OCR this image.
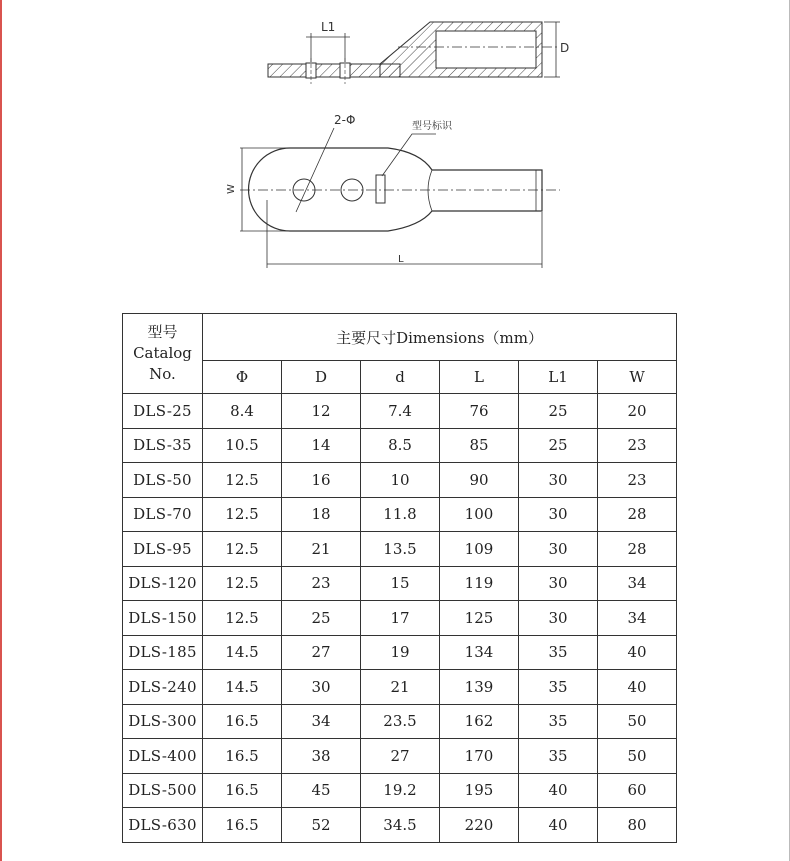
D
L1
2-Φ	型号标识
W
L
型号
Catalog
No.	主要尺寸Dimensions（mm）					
	Φ	D	d	L	L1	W
DLS-25	8.4	12	7.4	76	25	20
DLS-35	10.5	14	8.5	85	25	23
DLS-50	12.5	16	10	90	30	23
DLS-70	12.5	18	11.8	100	30	28
DLS-95	12.5	21	13.5	109	30	28
DLS-120	12.5	23	15	119	30	34
DLS-150	12.5	25	17	125	30	34
DLS-185	14.5	27	19	134	35	40
DLS-240	14.5	30	21	139	35	40
DLS-300	16.5	34	23.5	162	35	50
DLS-400	16.5	38	27	170	35	50
DLS-500	16.5	45	19.2	195	40	60
DLS-630	16.5	52	34.5	220	40	80
